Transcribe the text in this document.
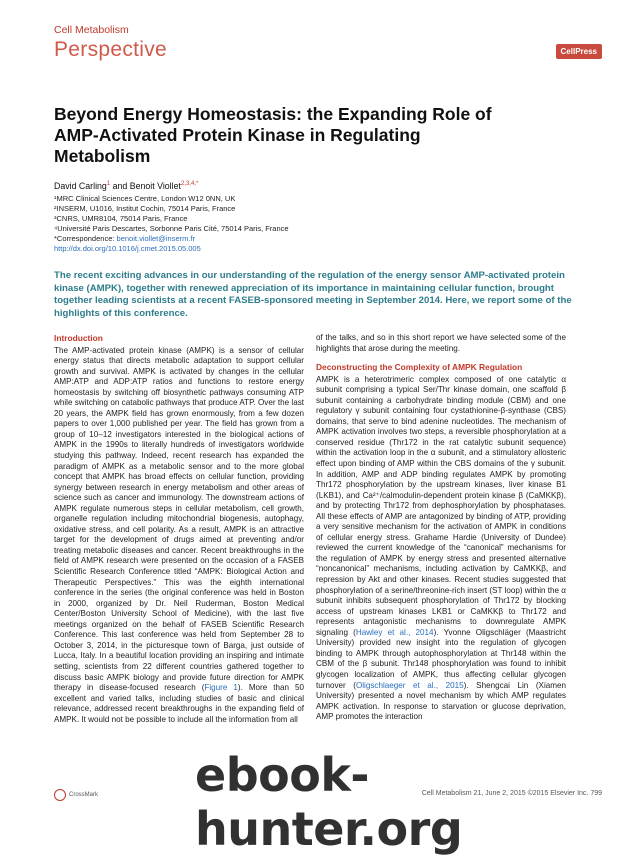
Cell Metabolism
Perspective	CellPress
Beyond Energy Homeostasis: the Expanding Role of AMP-Activated Protein Kinase in Regulating Metabolism
David Carling$^1$ and Benoit Viollet$^{2,3,4,*}$
¹MRC Clinical Sciences Centre, London W12 0NN, UK
²INSERM, U1016, Institut Cochin, 75014 Paris, France
³CNRS, UMR8104, 75014 Paris, France
⁴Université Paris Descartes, Sorbonne Paris Cité, 75014 Paris, France
*Correspondence: benoit.viollet@inserm.fr
http://dx.doi.org/10.1016/j.cmet.2015.05.005
The recent exciting advances in our understanding of the regulation of the energy sensor AMP-activated protein kinase (AMPK), together with renewed appreciation of its importance in maintaining cellular function, brought together leading scientists at a recent FASEB-sponsored meeting in September 2014. Here, we report some of the highlights of this conference.
Introduction

The AMP-activated protein kinase (AMPK) is a sensor of cellular energy status that directs metabolic adaptation to support cellular growth and survival. AMPK is activated by changes in the cellular AMP:ATP and ADP:ATP ratios and functions to restore energy homeostasis by switching off biosynthetic pathways consuming ATP while switching on catabolic pathways that produce ATP. Over the last 20 years, the AMPK field has grown enormously, from a few dozen papers to over 1,000 published per year. The field has grown from a group of 10–12 investigators interested in the biological actions of AMPK in the 1990s to literally hundreds of investigators worldwide studying this pathway. Indeed, recent research has expanded the paradigm of AMPK as a metabolic sensor and to the more global concept that AMPK has broad effects on cellular function, providing synergy between research in energy metabolism and other areas of science such as cancer and immunology. The downstream actions of AMPK regulate numerous steps in cellular metabolism, cell growth, organelle regulation including mitochondrial biogenesis, autophagy, oxidative stress, and cell polarity. As a result, AMPK is an attractive target for the development of drugs aimed at preventing and/or treating metabolic diseases and cancer. Recent breakthroughs in the field of AMPK research were presented on the occasion of a FASEB Scientific Research Conference titled “AMPK: Biological Action and Therapeutic Perspectives.” This was the eighth international conference in the series (the original conference was held in Boston in 2000, organized by Dr. Neil Ruderman, Boston Medical Center/Boston University School of Medicine), with the last five meetings organized on the behalf of FASEB Scientific Research Conference. This last conference was held from September 28 to October 3, 2014, in the picturesque town of Barga, just outside of Lucca, Italy. In a beautiful location providing an inspiring and intimate setting, scientists from 22 different countries gathered together to discuss basic AMPK biology and provide future direction for AMPK therapy in disease-focused research (Figure 1). More than 50 excellent and varied talks, including studies of basic and clinical relevance, addressed recent breakthroughs in the expanding field of AMPK. It would not be possible to include all the information from all

of the talks, and so in this short report we have selected some of the highlights that arose during the meeting.

Deconstructing the Complexity of AMPK Regulation

AMPK is a heterotrimeric complex composed of one catalytic α subunit comprising a typical Ser/Thr kinase domain, one scaffold β subunit containing a carbohydrate binding module (CBM) and one regulatory γ subunit containing four cystathionine-β-synthase (CBS) domains, that serve to bind adenine nucleotides. The mechanism of AMPK activation involves two steps, a reversible phosphorylation at a conserved residue (Thr172 in the rat catalytic subunit sequence) within the activation loop in the α subunit, and a stimulatory allosteric effect upon binding of AMP within the CBS domains of the γ subunit. In addition, AMP and ADP binding regulates AMPK by promoting Thr172 phosphorylation by the upstream kinases, liver kinase B1 (LKB1), and Ca²⁺/calmodulin-dependent protein kinase β (CaMKKβ), and by protecting Thr172 from dephosphorylation by phosphatases. All these effects of AMP are antagonized by binding of ATP, providing a very sensitive mechanism for the activation of AMPK in conditions of cellular energy stress. Grahame Hardie (University of Dundee) reviewed the current knowledge of the “canonical” mechanisms for the regulation of AMPK by energy stress and presented alternative “noncanonical” mechanisms, including activation by CaMKKβ, and repression by Akt and other kinases. Recent studies suggested that phosphorylation of a serine/threonine-rich insert (ST loop) within the α subunit inhibits subsequent phosphorylation of Thr172 by blocking access of upstream kinases LKB1 or CaMKKβ to Thr172 and represents antagonistic mechanisms to downregulate AMPK signaling (Hawley et al., 2014). Yvonne Oligschläger (Maastricht University) provided new insight into the regulation of glycogen binding to AMPK through autophosphorylation at Thr148 within the CBM of the β subunit. Thr148 phosphorylation was found to inhibit glycogen localization of AMPK, thus affecting cellular glycogen turnover (Oligschlaeger et al., 2015). Shengcai Lin (Xiamen University) presented a novel mechanism by which AMP regulates AMPK activation. In response to starvation or glucose deprivation, AMP promotes the interaction

CrossMark	Cell Metabolism 21, June 2, 2015 ©2015 Elsevier Inc. 799
ebook-hunter.org
